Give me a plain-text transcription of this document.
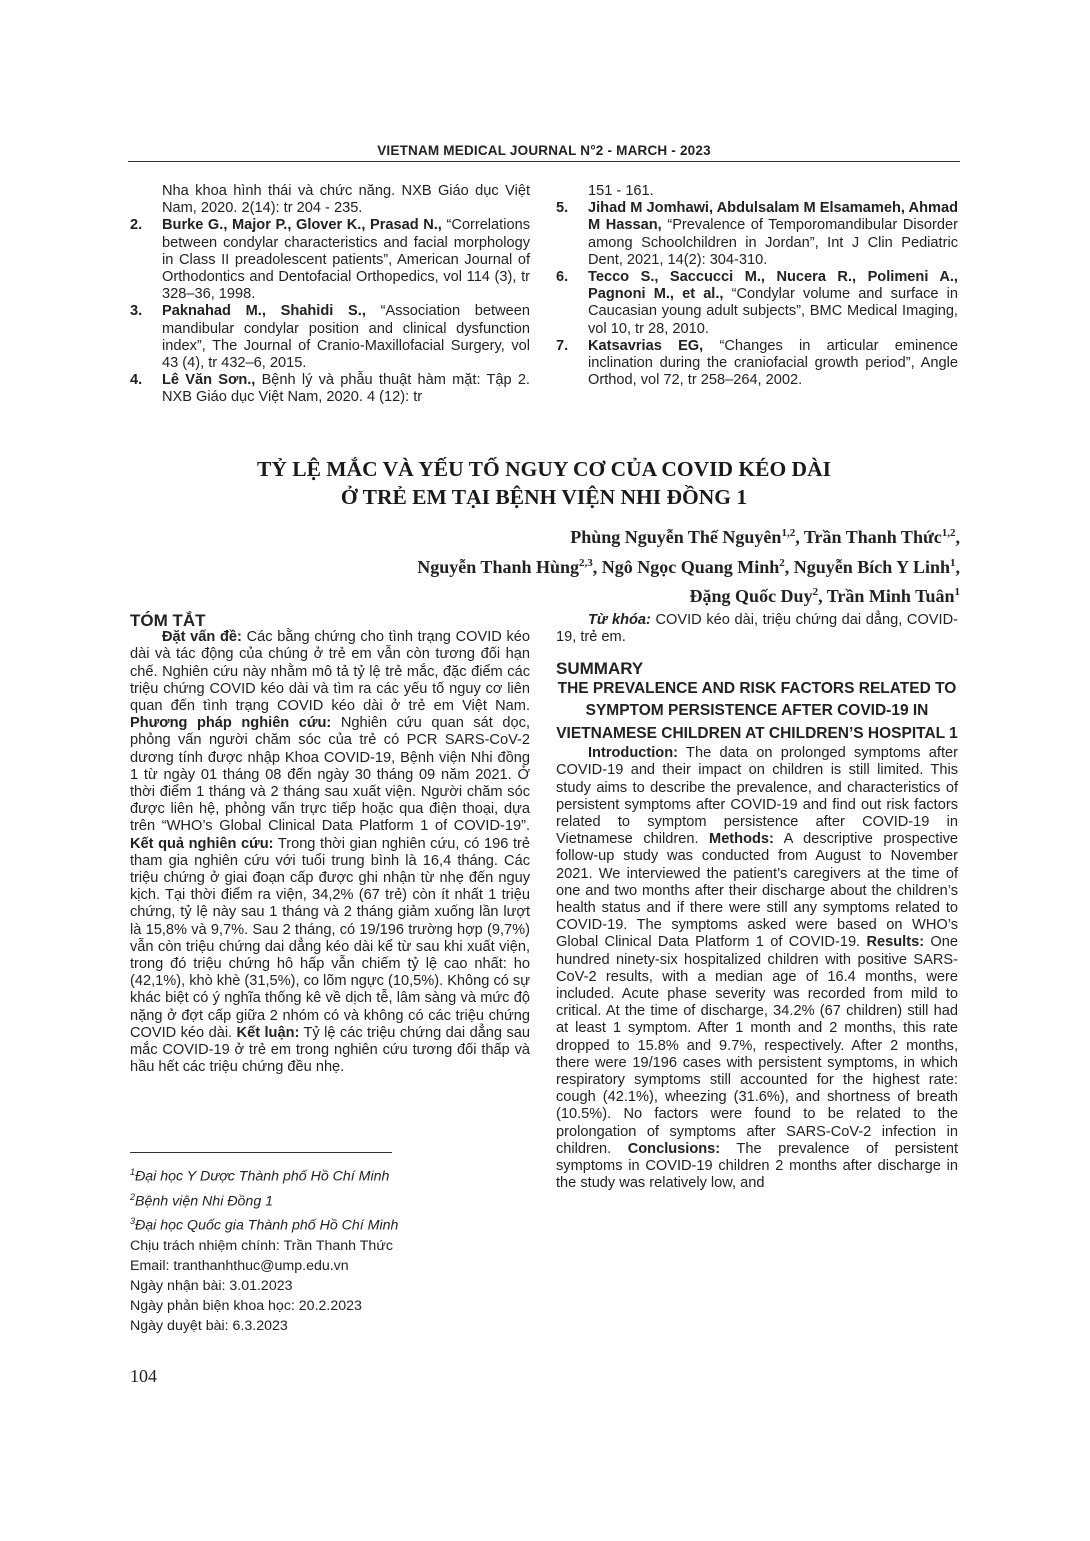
VIETNAM MEDICAL JOURNAL N°2 - MARCH - 2023

Nha khoa hình thái và chức năng. NXB Giáo dục Việt Nam, 2020. 2(14): tr 204 - 235.

2. Burke G., Major P., Glover K., Prasad N., “Correlations between condylar characteristics and facial morphology in Class II preadolescent patients”, American Journal of Orthodontics and Dentofacial Orthopedics, vol 114 (3), tr 328–36, 1998.

3. Paknahad M., Shahidi S., “Association between mandibular condylar position and clinical dysfunction index”, The Journal of Cranio-Maxillofacial Surgery, vol 43 (4), tr 432–6, 2015.

4. Lê Văn Sơn., Bệnh lý và phẫu thuật hàm mặt: Tập 2. NXB Giáo dục Việt Nam, 2020. 4 (12): tr

151 - 161.

5. Jihad M Jomhawi, Abdulsalam M Elsamameh, Ahmad M Hassan, “Prevalence of Temporomandibular Disorder among Schoolchildren in Jordan”, Int J Clin Pediatric Dent, 2021, 14(2): 304-310.

6. Tecco S., Saccucci M., Nucera R., Polimeni A., Pagnoni M., et al., “Condylar volume and surface in Caucasian young adult subjects”, BMC Medical Imaging, vol 10, tr 28, 2010.

7. Katsavrias EG, “Changes in articular eminence inclination during the craniofacial growth period”, Angle Orthod, vol 72, tr 258–264, 2002.

TỶ LỆ MẮC VÀ YẾU TỐ NGUY CƠ CỦA COVID KÉO DÀI
Ở TRẺ EM TẠI BỆNH VIỆN NHI ĐỒNG 1
Phùng Nguyễn Thế Nguyên$^{1,2}$, Trần Thanh Thức$^{1,2}$,
Nguyễn Thanh Hùng$^{2,3}$, Ngô Ngọc Quang Minh$^2$, Nguyễn Bích Y Linh$^1$,
Đặng Quốc Duy$^2$, Trần Minh Tuân$^1$

TÓM TẮT

Đặt vấn đề: Các bằng chứng cho tình trạng COVID kéo dài và tác động của chúng ở trẻ em vẫn còn tương đối hạn chế. Nghiên cứu này nhằm mô tả tỷ lệ trẻ mắc, đặc điểm các triệu chứng COVID kéo dài và tìm ra các yếu tố nguy cơ liên quan đến tình trạng COVID kéo dài ở trẻ em Việt Nam. Phương pháp nghiên cứu: Nghiên cứu quan sát dọc, phỏng vấn người chăm sóc của trẻ có PCR SARS-CoV-2 dương tính được nhập Khoa COVID-19, Bệnh viện Nhi đồng 1 từ ngày 01 tháng 08 đến ngày 30 tháng 09 năm 2021. Ở thời điểm 1 tháng và 2 tháng sau xuất viện. Người chăm sóc được liên hệ, phỏng vấn trực tiếp hoặc qua điện thoại, dựa trên “WHO’s Global Clinical Data Platform 1 of COVID-19”. Kết quả nghiên cứu: Trong thời gian nghiên cứu, có 196 trẻ tham gia nghiên cứu với tuổi trung bình là 16,4 tháng. Các triệu chứng ở giai đoạn cấp được ghi nhận từ nhẹ đến nguy kịch. Tại thời điểm ra viện, 34,2% (67 trẻ) còn ít nhất 1 triệu chứng, tỷ lệ này sau 1 tháng và 2 tháng giảm xuống lần lượt là 15,8% và 9,7%. Sau 2 tháng, có 19/196 trường hợp (9,7%) vẫn còn triệu chứng dai dẳng kéo dài kể từ sau khi xuất viện, trong đó triệu chứng hô hấp vẫn chiếm tỷ lệ cao nhất: ho (42,1%), khò khè (31,5%), co lõm ngực (10,5%). Không có sự khác biệt có ý nghĩa thống kê về dịch tễ, lâm sàng và mức độ nặng ở đợt cấp giữa 2 nhóm có và không có các triệu chứng COVID kéo dài. Kết luận: Tỷ lệ các triệu chứng dai dẳng sau mắc COVID-19 ở trẻ em trong nghiên cứu tương đối thấp và hầu hết các triệu chứng đều nhẹ.

$^1$Đại học Y Dược Thành phố Hồ Chí Minh
$^2$Bệnh viện Nhi Đồng 1
$^3$Đại học Quốc gia Thành phố Hồ Chí Minh
Chịu trách nhiệm chính: Trần Thanh Thức
Email: tranthanhthuc@ump.edu.vn
Ngày nhận bài: 3.01.2023
Ngày phản biện khoa học: 20.2.2023
Ngày duyệt bài: 6.3.2023

Từ khóa: COVID kéo dài, triệu chứng dai dẳng, COVID-19, trẻ em.

SUMMARY

THE PREVALENCE AND RISK FACTORS RELATED TO SYMPTOM PERSISTENCE AFTER COVID-19 IN VIETNAMESE CHILDREN AT CHILDREN’S HOSPITAL 1

Introduction: The data on prolonged symptoms after COVID-19 and their impact on children is still limited. This study aims to describe the prevalence, and characteristics of persistent symptoms after COVID-19 and find out risk factors related to symptom persistence after COVID-19 in Vietnamese children. Methods: A descriptive prospective follow-up study was conducted from August to November 2021. We interviewed the patient’s caregivers at the time of one and two months after their discharge about the children’s health status and if there were still any symptoms related to COVID-19. The symptoms asked were based on WHO’s Global Clinical Data Platform 1 of COVID-19. Results: One hundred ninety-six hospitalized children with positive SARS-CoV-2 results, with a median age of 16.4 months, were included. Acute phase severity was recorded from mild to critical. At the time of discharge, 34.2% (67 children) still had at least 1 symptom. After 1 month and 2 months, this rate dropped to 15.8% and 9.7%, respectively. After 2 months, there were 19/196 cases with persistent symptoms, in which respiratory symptoms still accounted for the highest rate: cough (42.1%), wheezing (31.6%), and shortness of breath (10.5%). No factors were found to be related to the prolongation of symptoms after SARS-CoV-2 infection in children. Conclusions: The prevalence of persistent symptoms in COVID-19 children 2 months after discharge in the study was relatively low, and

104
